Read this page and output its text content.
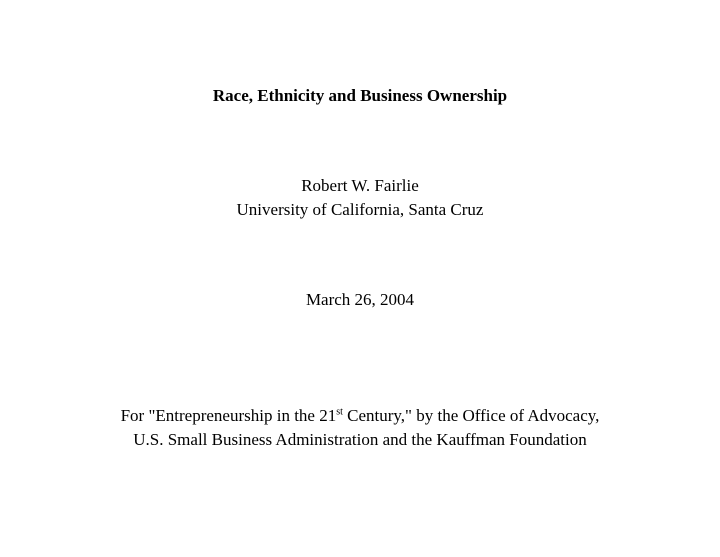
Race, Ethnicity and Business Ownership
Robert W. Fairlie
University of California, Santa Cruz
March 26, 2004
For "Entrepreneurship in the 21st Century," by the Office of Advocacy,
U.S. Small Business Administration and the Kauffman Foundation
